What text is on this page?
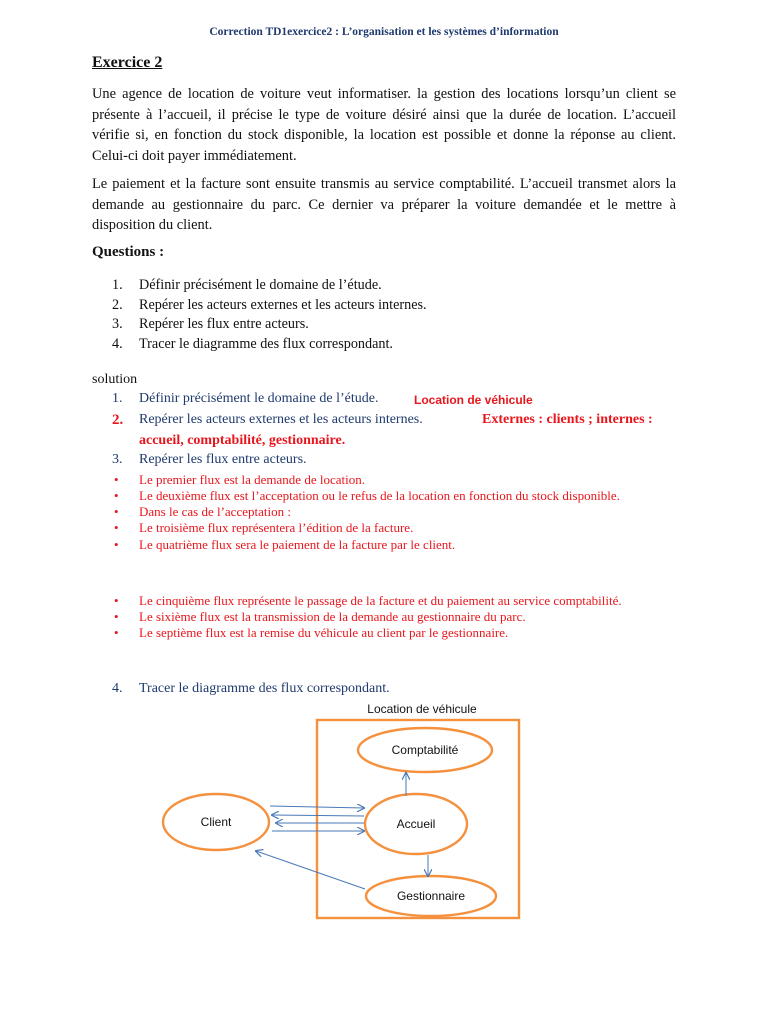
Correction TD1exercice2 : L’organisation et les systèmes d’information
Exercice 2
Une agence de location de voiture veut informatiser. la gestion des locations lorsqu’un client se présente à l’accueil, il précise le type de voiture désiré ainsi que la durée de location. L’accueil vérifie si, en fonction du stock disponible, la location est possible et donne la réponse au client. Celui-ci doit payer immédiatement.
Le paiement et la facture sont ensuite transmis au service comptabilité. L’accueil transmet alors la demande au gestionnaire du parc. Ce dernier va préparer la voiture demandée et le mettre à disposition du client.
Questions :
1.	Définir précisément le domaine de l’étude.
2.	Repérer les acteurs externes et les acteurs internes.
3.	Repérer les flux entre acteurs.
4.	Tracer le diagramme des flux correspondant.
solution
1. Définir précisément le domaine de l’étude.	Location de véhicule
2. Repérer les acteurs externes et les acteurs internes.	Externes : clients ; internes :
accueil, comptabilité, gestionnaire.
3. Repérer les flux entre acteurs.
• Le premier flux est la demande de location.
• Le deuxième flux est l’acceptation ou le refus de la location en fonction du stock disponible.
• Dans le cas de l’acceptation :
• Le troisième flux représentera l’édition de la facture.
• Le quatrième flux sera le paiement de la facture par le client.
• Le cinquième flux représente le passage de la facture et du paiement au service comptabilité.
• Le sixième flux est la transmission de la demande au gestionnaire du parc.
• Le septième flux est la remise du véhicule au client par le gestionnaire.
4. Tracer le diagramme des flux correspondant.
Location de véhicule
Comptabilité
Client	Accueil
Gestionnaire
